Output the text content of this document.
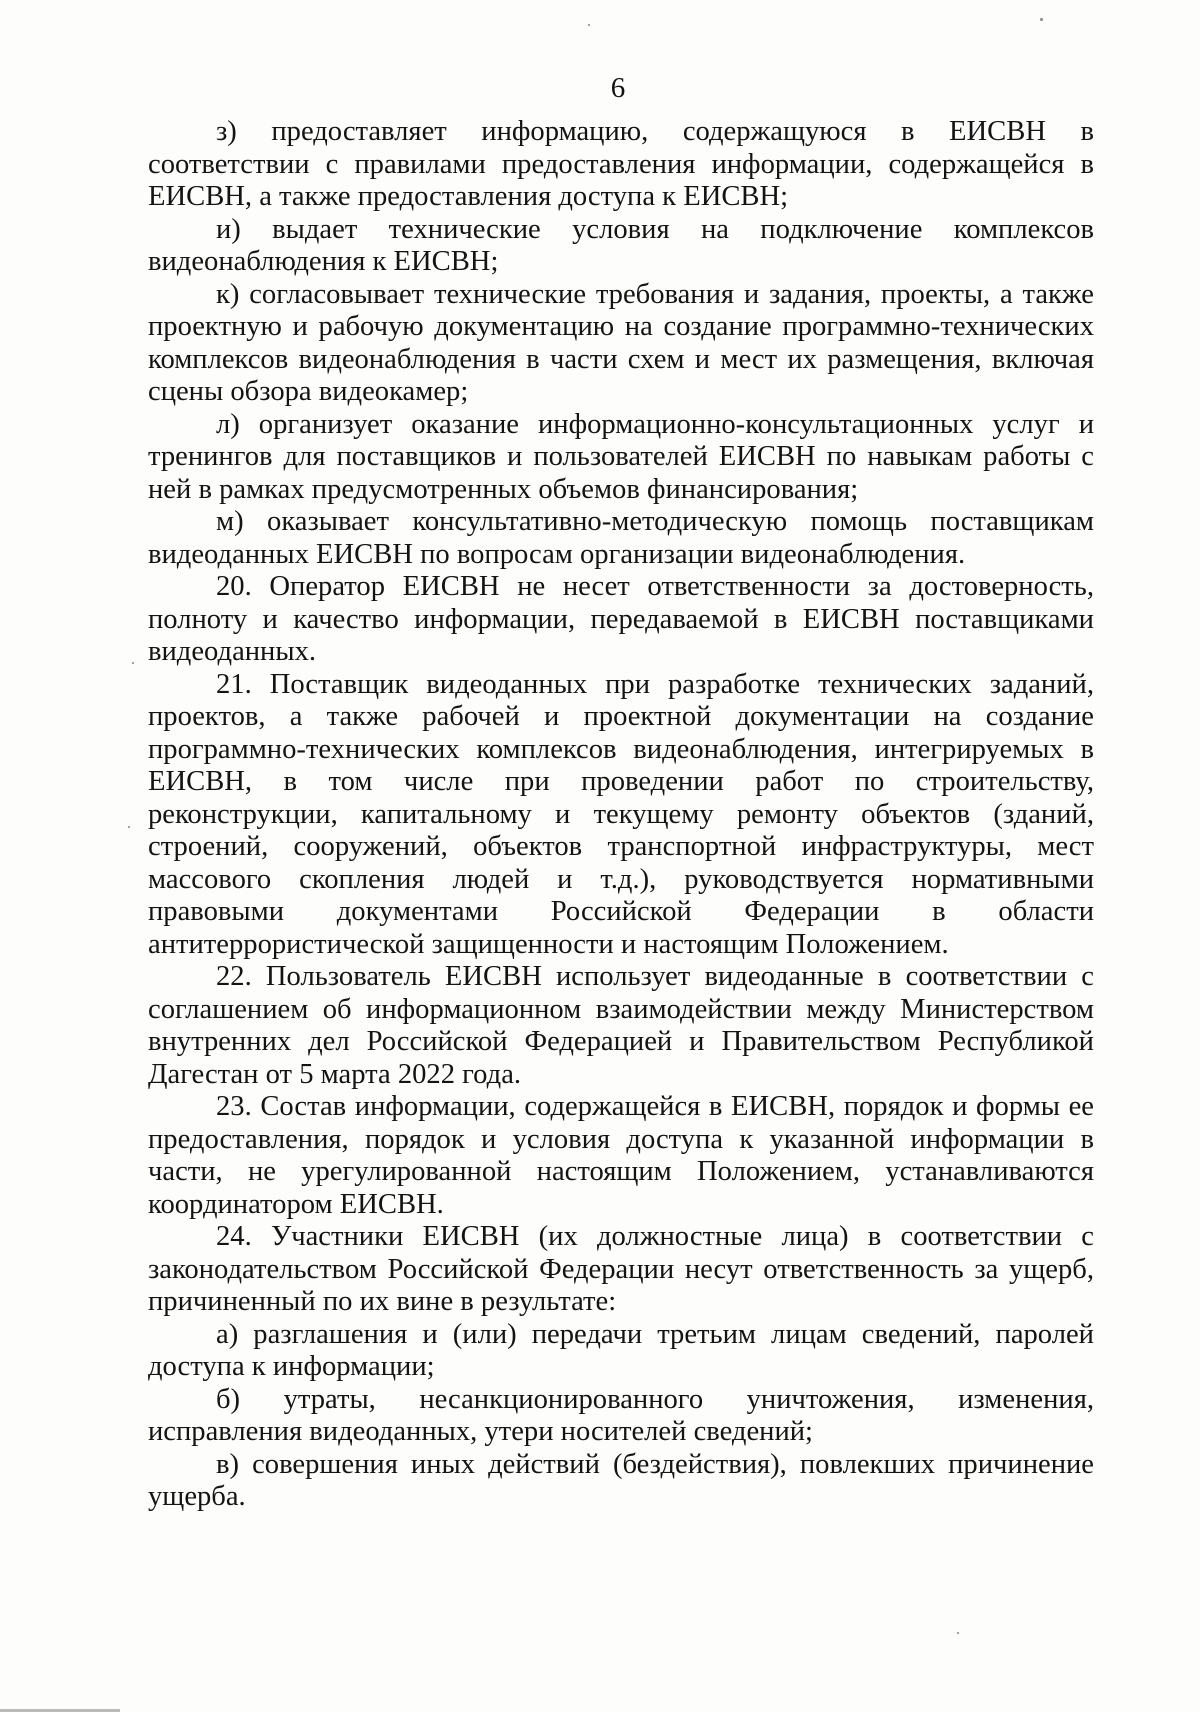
6

з) предоставляет информацию, содержащуюся в ЕИСВН в соответствии с правилами предоставления информации, содержащейся в ЕИСВН, а также предоставления доступа к ЕИСВН;

и) выдает технические условия на подключение комплексов видеонаблюдения к ЕИСВН;

к) согласовывает технические требования и задания, проекты, а также проектную и рабочую документацию на создание программно-технических комплексов видеонаблюдения в части схем и мест их размещения, включая сцены обзора видеокамер;

л) организует оказание информационно-консультационных услуг и тренингов для поставщиков и пользователей ЕИСВН по навыкам работы с ней в рамках предусмотренных объемов финансирования;

м) оказывает консультативно-методическую помощь поставщикам видеоданных ЕИСВН по вопросам организации видеонаблюдения.

20. Оператор ЕИСВН не несет ответственности за достоверность, полноту и качество информации, передаваемой в ЕИСВН поставщиками видеоданных.

21. Поставщик видеоданных при разработке технических заданий, проектов, а также рабочей и проектной документации на создание программно-технических комплексов видеонаблюдения, интегрируемых в ЕИСВН, в том числе при проведении работ по строительству, реконструкции, капитальному и текущему ремонту объектов (зданий, строений, сооружений, объектов транспортной инфраструктуры, мест массового скопления людей и т.д.), руководствуется нормативными правовыми документами Российской Федерации в области антитеррористической защищенности и настоящим Положением.

22. Пользователь ЕИСВН использует видеоданные в соответствии с соглашением об информационном взаимодействии между Министерством внутренних дел Российской Федерацией и Правительством Республикой Дагестан от 5 марта 2022 года.

23. Состав информации, содержащейся в ЕИСВН, порядок и формы ее предоставления, порядок и условия доступа к указанной информации в части, не урегулированной настоящим Положением, устанавливаются координатором ЕИСВН.

24. Участники ЕИСВН (их должностные лица) в соответствии с законодательством Российской Федерации несут ответственность за ущерб, причиненный по их вине в результате:

а) разглашения и (или) передачи третьим лицам сведений, паролей доступа к информации;

б) утраты, несанкционированного уничтожения, изменения, исправления видеоданных, утери носителей сведений;

в) совершения иных действий (бездействия), повлекших причинение ущерба.
